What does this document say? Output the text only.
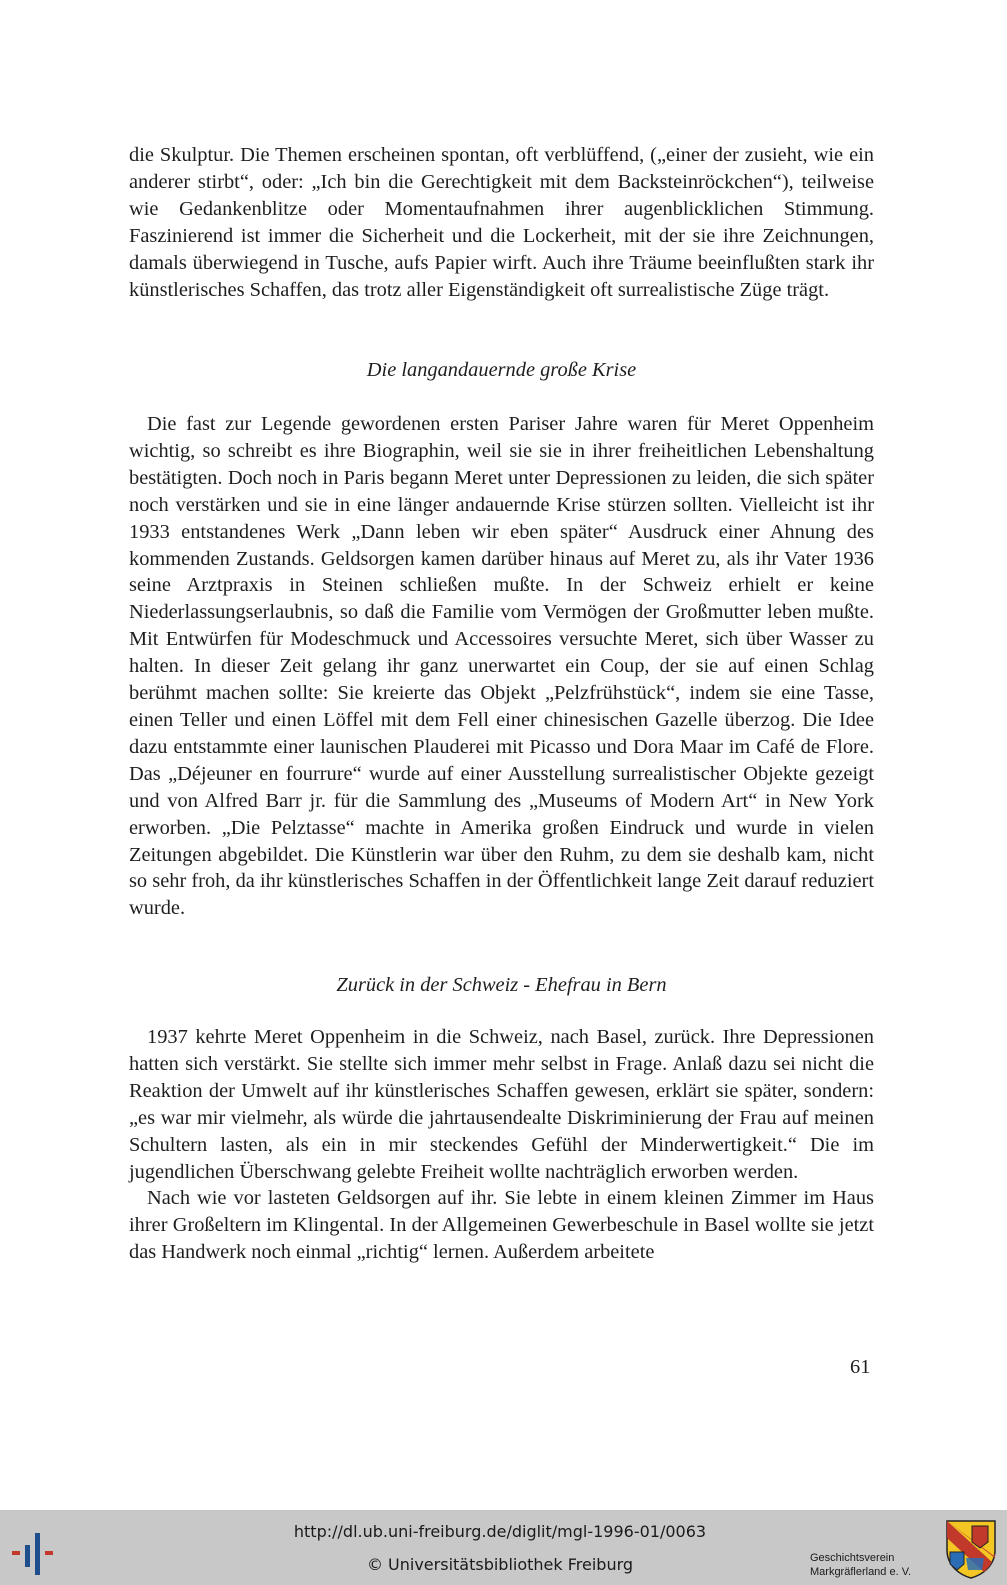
die Skulptur. Die Themen erscheinen spontan, oft verblüffend, („einer der zusieht, wie ein anderer stirbt“, oder: „Ich bin die Gerechtigkeit mit dem Backsteinröckchen“), teilweise wie Gedankenblitze oder Momentaufnahmen ihrer augenblicklichen Stimmung. Faszinierend ist immer die Sicherheit und die Lockerheit, mit der sie ihre Zeichnungen, damals überwiegend in Tusche, aufs Papier wirft. Auch ihre Träume beeinflußten stark ihr künstlerisches Schaffen, das trotz aller Eigenständigkeit oft surrealistische Züge trägt.

Die langandauernde große Krise

Die fast zur Legende gewordenen ersten Pariser Jahre waren für Meret Oppenheim wichtig, so schreibt es ihre Biographin, weil sie sie in ihrer freiheitlichen Lebenshaltung bestätigten. Doch noch in Paris begann Meret unter Depressionen zu leiden, die sich später noch verstärken und sie in eine länger andauernde Krise stürzen sollten. Vielleicht ist ihr 1933 entstandenes Werk „Dann leben wir eben später“ Ausdruck einer Ahnung des kommenden Zustands. Geldsorgen kamen darüber hinaus auf Meret zu, als ihr Vater 1936 seine Arztpraxis in Steinen schließen mußte. In der Schweiz erhielt er keine Niederlassungserlaubnis, so daß die Familie vom Vermögen der Großmutter leben mußte. Mit Entwürfen für Modeschmuck und Accessoires versuchte Meret, sich über Wasser zu halten. In dieser Zeit gelang ihr ganz unerwartet ein Coup, der sie auf einen Schlag berühmt machen sollte: Sie kreierte das Objekt „Pelzfrühstück“, indem sie eine Tasse, einen Teller und einen Löffel mit dem Fell einer chinesischen Gazelle überzog. Die Idee dazu entstammte einer launischen Plauderei mit Picasso und Dora Maar im Café de Flore. Das „Déjeuner en fourrure“ wurde auf einer Ausstellung surrealistischer Objekte gezeigt und von Alfred Barr jr. für die Sammlung des „Museums of Modern Art“ in New York erworben. „Die Pelztasse“ machte in Amerika großen Eindruck und wurde in vielen Zeitungen abgebildet. Die Künstlerin war über den Ruhm, zu dem sie deshalb kam, nicht so sehr froh, da ihr künstlerisches Schaffen in der Öffentlichkeit lange Zeit darauf reduziert wurde.

Zurück in der Schweiz - Ehefrau in Bern

1937 kehrte Meret Oppenheim in die Schweiz, nach Basel, zurück. Ihre Depressionen hatten sich verstärkt. Sie stellte sich immer mehr selbst in Frage. Anlaß dazu sei nicht die Reaktion der Umwelt auf ihr künstlerisches Schaffen gewesen, erklärt sie später, sondern: „es war mir vielmehr, als würde die jahrtausendealte Diskriminierung der Frau auf meinen Schultern lasten, als ein in mir steckendes Gefühl der Minderwertigkeit.“ Die im jugendlichen Überschwang gelebte Freiheit wollte nachträglich erworben werden.

Nach wie vor lasteten Geldsorgen auf ihr. Sie lebte in einem kleinen Zimmer im Haus ihrer Großeltern im Klingental. In der Allgemeinen Gewerbeschule in Basel wollte sie jetzt das Handwerk noch einmal „richtig“ lernen. Außerdem arbeitete

61
http://dl.ub.uni-freiburg.de/diglit/mgl-1996-01/0063
© Universitätsbibliothek Freiburg	Geschichtsverein
Markgräflerland e. V.
